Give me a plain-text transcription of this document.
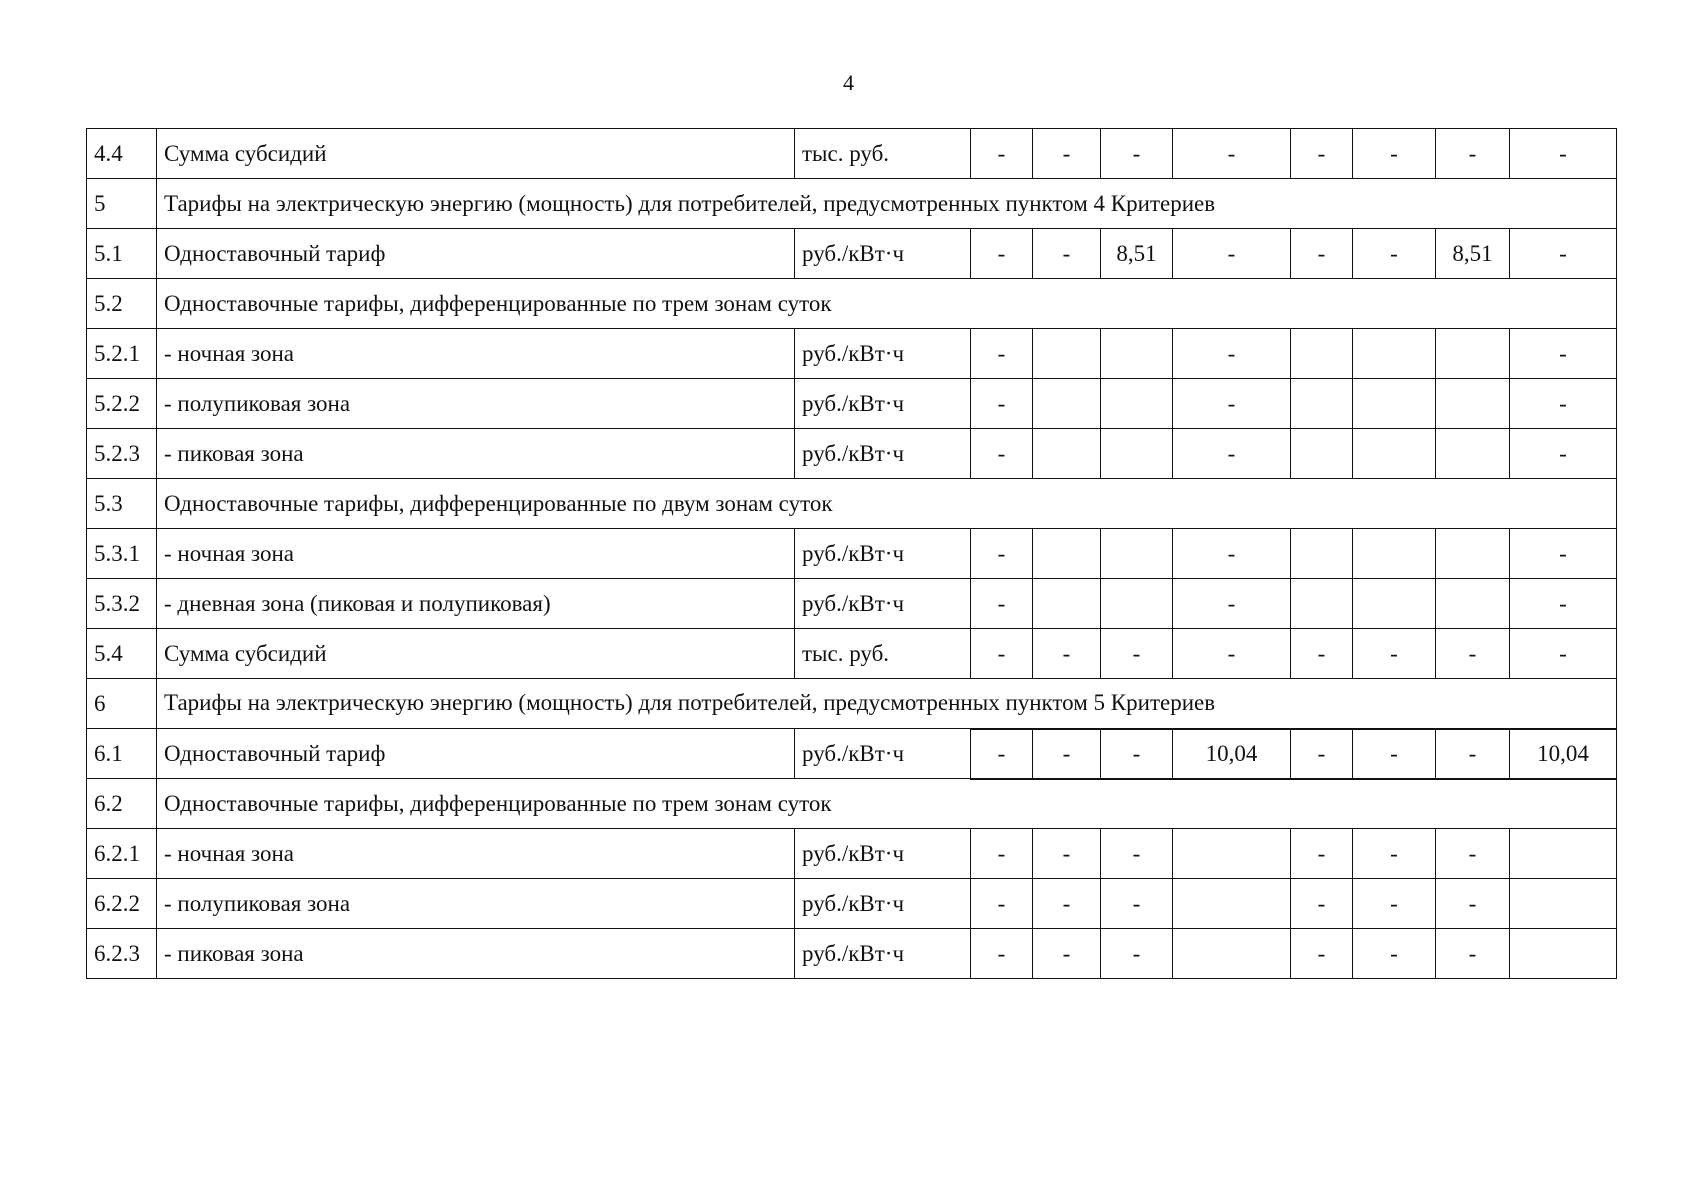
4
4.4	Сумма субсидий	тыс. руб.	-	-	-	-	-	-	-	-
5	Тарифы на электрическую энергию (мощность) для потребителей, предусмотренных пунктом 4 Критериев									
5.1	Одноставочный тариф	руб./кВт·ч	-	-	8,51	-	-	-	8,51	-
5.2	Одноставочные тарифы, дифференцированные по трем зонам суток									
5.2.1	- ночная зона	руб./кВт·ч	-			-				-
5.2.2	- полупиковая зона	руб./кВт·ч	-			-				-
5.2.3	- пиковая зона	руб./кВт·ч	-			-				-
5.3	Одноставочные тарифы, дифференцированные по двум зонам суток									
5.3.1	- ночная зона	руб./кВт·ч	-			-				-
5.3.2	- дневная зона (пиковая и полупиковая)	руб./кВт·ч	-			-				-
5.4	Сумма субсидий	тыс. руб.	-	-	-	-	-	-	-	-
6	Тарифы на электрическую энергию (мощность) для потребителей, предусмотренных пунктом 5 Критериев									
6.1	Одноставочный тариф	руб./кВт·ч	-	-	-	10,04	-	-	-	10,04
6.2	Одноставочные тарифы, дифференцированные по трем зонам суток									
6.2.1	- ночная зона	руб./кВт·ч	-	-	-		-	-	-	
6.2.2	- полупиковая зона	руб./кВт·ч	-	-	-		-	-	-	
6.2.3	- пиковая зона	руб./кВт·ч	-	-	-		-	-	-	
